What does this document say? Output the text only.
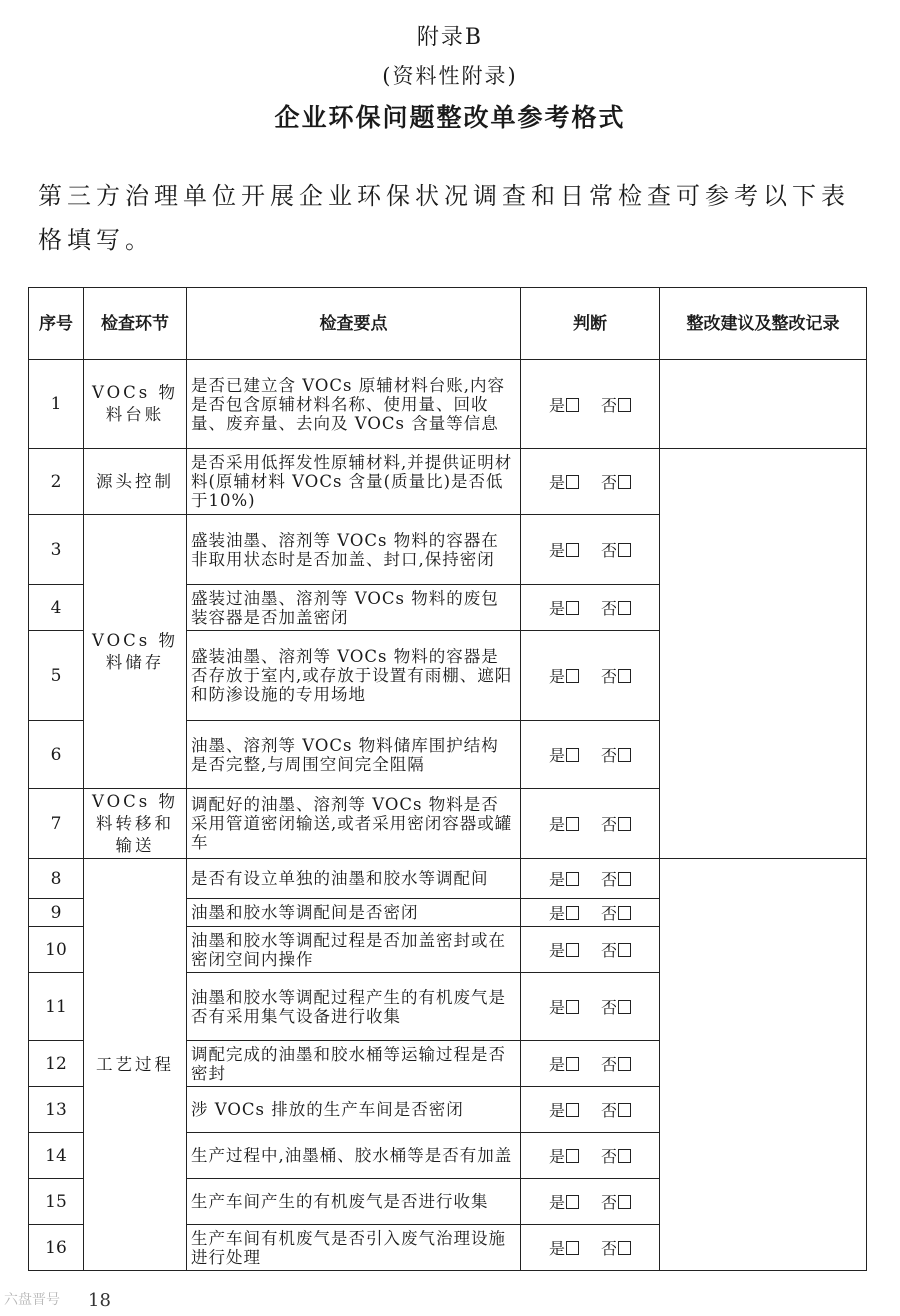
附录B
(资料性附录)
企业环保问题整改单参考格式
第三方治理单位开展企业环保状况调查和日常检查可参考以下表格填写。
序号	检查环节	检查要点	判断	整改建议及整改记录
1	VOCs 物料台账	是否已建立含 VOCs 原辅材料台账,内容是否包含原辅材料名称、使用量、回收量、废弃量、去向及 VOCs 含量等信息	是 否	
2	源头控制	是否采用低挥发性原辅材料,并提供证明材料(原辅材料 VOCs 含量(质量比)是否低于10%)	是 否	
3	VOCs 物料储存	盛装油墨、溶剂等 VOCs 物料的容器在非取用状态时是否加盖、封口,保持密闭	是 否	
4		盛装过油墨、溶剂等 VOCs 物料的废包装容器是否加盖密闭	是 否	
5		盛装油墨、溶剂等 VOCs 物料的容器是否存放于室内,或存放于设置有雨棚、遮阳和防渗设施的专用场地	是 否	
6		油墨、溶剂等 VOCs 物料储库围护结构是否完整,与周围空间完全阻隔	是 否	
7	VOCs 物料转移和输送	调配好的油墨、溶剂等 VOCs 物料是否采用管道密闭输送,或者采用密闭容器或罐车	是 否	
8	工艺过程	是否有设立单独的油墨和胶水等调配间	是 否	
9		油墨和胶水等调配间是否密闭	是 否	
10		油墨和胶水等调配过程是否加盖密封或在密闭空间内操作	是 否	
11		油墨和胶水等调配过程产生的有机废气是否有采用集气设备进行收集	是 否	
12		调配完成的油墨和胶水桶等运输过程是否密封	是 否	
13		涉 VOCs 排放的生产车间是否密闭	是 否	
14		生产过程中,油墨桶、胶水桶等是否有加盖	是 否	
15		生产车间产生的有机废气是否进行收集	是 否	
16		生产车间有机废气是否引入废气治理设施进行处理	是 否	
六盘晋号 18
